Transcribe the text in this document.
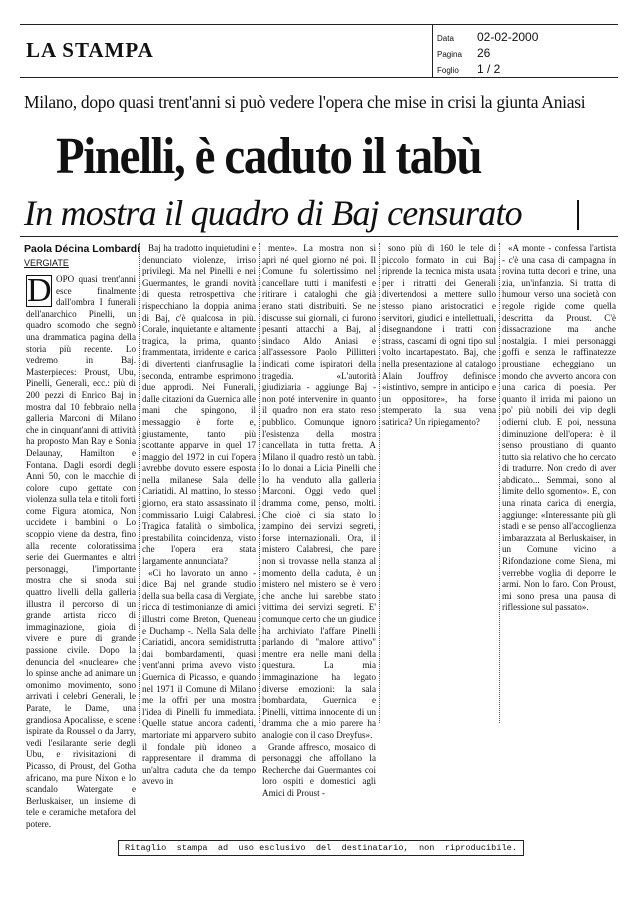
LA STAMPA	Data 02-02-2000
Pagina 26
Foglio 1 / 2
Milano, dopo quasi trent'anni si può vedere l'opera che mise in crisi la giunta Aniasi
Pinelli, è caduto il tabù
In mostra il quadro di Baj censurato
Paola Décina Lombardi
VERGIATE
D OPO quasi trent'anni esce finalmente dall'ombra I funerali dell'anarchico Pinelli, un quadro scomodo che segnò una drammatica pagina della storia più recente. Lo vedremo in Baj. Masterpieces: Proust, Ubu, Pinelli, Generali, ecc.: più di 200 pezzi di Enrico Baj in mostra dal 10 febbraio nella galleria Marconi di Milano che in cinquant'anni di attività ha proposto Man Ray e Sonia Delaunay, Hamilton e Fontana. Dagli esordi degli Anni 50, con le macchie di colore cupo gettate con violenza sulla tela e titoli forti come Figura atomica, Non uccidete i bambini o Lo scoppio viene da destra, fino alla recente coloratissima serie dei Guermantes e altri personaggi, l'importante mostra che si snoda sui quattro livelli della galleria illustra il percorso di un grande artista ricco di immaginazione, gioia di vivere e pure di grande passione civile. Dopo la denuncia del «nucleare» che lo spinse anche ad animare un omonimo movimento, sono arrivati i celebri Generali, le Parate, le Dame, una grandiosa Apocalisse, e scene ispirate da Roussel o da Jarry, vedi l'esilarante serie degli Ubu, e rivisitazioni di Picasso, di Proust, del Gotha africano, ma pure Nixon e lo scandalo Watergate e Berluskaiser, un insieme di tele e ceramiche metafora del potere.

Baj ha tradotto inquietudini e denunciato violenze, irriso privilegi. Ma nel Pinelli e nei Guermantes, le grandi novità di questa retrospettiva che rispecchiano la doppia anima di Baj, c'è qualcosa in più. Corale, inquietante e altamente tragica, la prima, quanto frammentata, irridente e carica di divertenti cianfrusaglie la seconda, entrambe esprimono due approdi. Nei Funerali, dalle citazioni da Guernica alle mani che spingono, il messaggio è forte e, giustamente, tanto più scottante apparve in quel 17 maggio del 1972 in cui l'opera avrebbe dovuto essere esposta nella milanese Sala delle Cariatidi. Al mattino, lo stesso giorno, era stato assassinato il commissario Luigi Calabresi. Tragica fatalità o simbolica, prestabilita coincidenza, visto che l'opera era stata largamente annunciata?

«Ci ho lavorato un anno - dice Baj nel grande studio della sua bella casa di Vergiate, ricca di testimonianze di amici illustri come Breton, Queneau e Duchamp -. Nella Sala delle Cariatidi, ancora semidistrutta dai bombardamenti, quasi vent'anni prima avevo visto Guernica di Picasso, e quando nel 1971 il Comune di Milano me la offrì per una mostra l'idea di Pinelli fu immediata. Quelle statue ancora cadenti, martoriate mi apparvero subito il fondale più idoneo a rappresentare il dramma di un'altra caduta che da tempo avevo in

mente». La mostra non si aprì né quel giorno né poi. Il Comune fu solertissimo nel cancellare tutti i manifesti e ritirare i cataloghi che già erano stati distribuiti. Se ne discusse sui giornali, ci furono pesanti attacchi a Baj, al sindaco Aldo Aniasi e all'assessore Paolo Pillitteri indicati come ispiratori della tragedia. «L'autorità giudiziaria - aggiunge Baj - non poté intervenire in quanto il quadro non era stato reso pubblico. Comunque ignoro l'esistenza della mostra cancellata in tutta fretta. A Milano il quadro restò un tabù. Io lo donai a Licia Pinelli che lo ha venduto alla galleria Marconi. Oggi vedo quel dramma come, penso, molti. Che cioè ci sia stato lo zampino dei servizi segreti, forse internazionali. Ora, il mistero Calabresi, che pare non si trovasse nella stanza al momento della caduta, è un mistero nel mistero se è vero che anche lui sarebbe stato vittima dei servizi segreti. E' comunque certo che un giudice ha archiviato l'affare Pinelli parlando di "malore attivo" mentre era nelle mani della questura. La mia immaginazione ha legato diverse emozioni: la sala bombardata, Guernica e Pinelli, vittima innocente di un dramma che a mio parere ha analogie con il caso Dreyfus».

Grande affresco, mosaico di personaggi che affollano la Recherche dai Guermantes coi loro ospiti e domestici agli Amici di Proust -

sono più di 160 le tele di piccolo formato in cui Baj riprende la tecnica mista usata per i ritratti dei Generali divertendosi a mettere sullo stesso piano aristocratici e servitori, giudici e intellettuali, disegnandone i tratti con strass, cascami di ogni tipo sul volto incartapestato. Baj, che nella presentazione al catalogo Alain Jouffroy definisce «istintivo, sempre in anticipo e un oppositore», ha forse stemperato la sua vena satirica? Un ripiegamento?

«A monte - confessa l'artista - c'è una casa di campagna in rovina tutta decori e trine, una zia, un'infanzia. Si tratta di humour verso una società con regole rigide come quella descritta da Proust. C'è dissacrazione ma anche nostalgia. I miei personaggi goffi e senza le raffinatezze proustiane echeggiano un mondo che avverto ancora con una carica di poesia. Per quanto il irrida mi paiono un po' più nobili dei vip degli odierni club. E poi, nessuna diminuzione dell'opera: è il senso proustiano di quanto tutto sia relativo che ho cercato di tradurre. Non credo di aver abdicato... Semmai, sono al limite dello sgomento». E, con una rinata carica di energia, aggiunge: «Interessante più gli stadi e se penso all'accoglienza imbarazzata al Berluskaiser, in un Comune vicino a Rifondazione come Siena, mi verrebbe voglia di deporre le armi. Non lo faro. Con Proust, mi sono presa una pausa di riflessione sul passato».

Ritaglio  stampa  ad  uso esclusivo  del  destinatario,  non  riproducibile.
